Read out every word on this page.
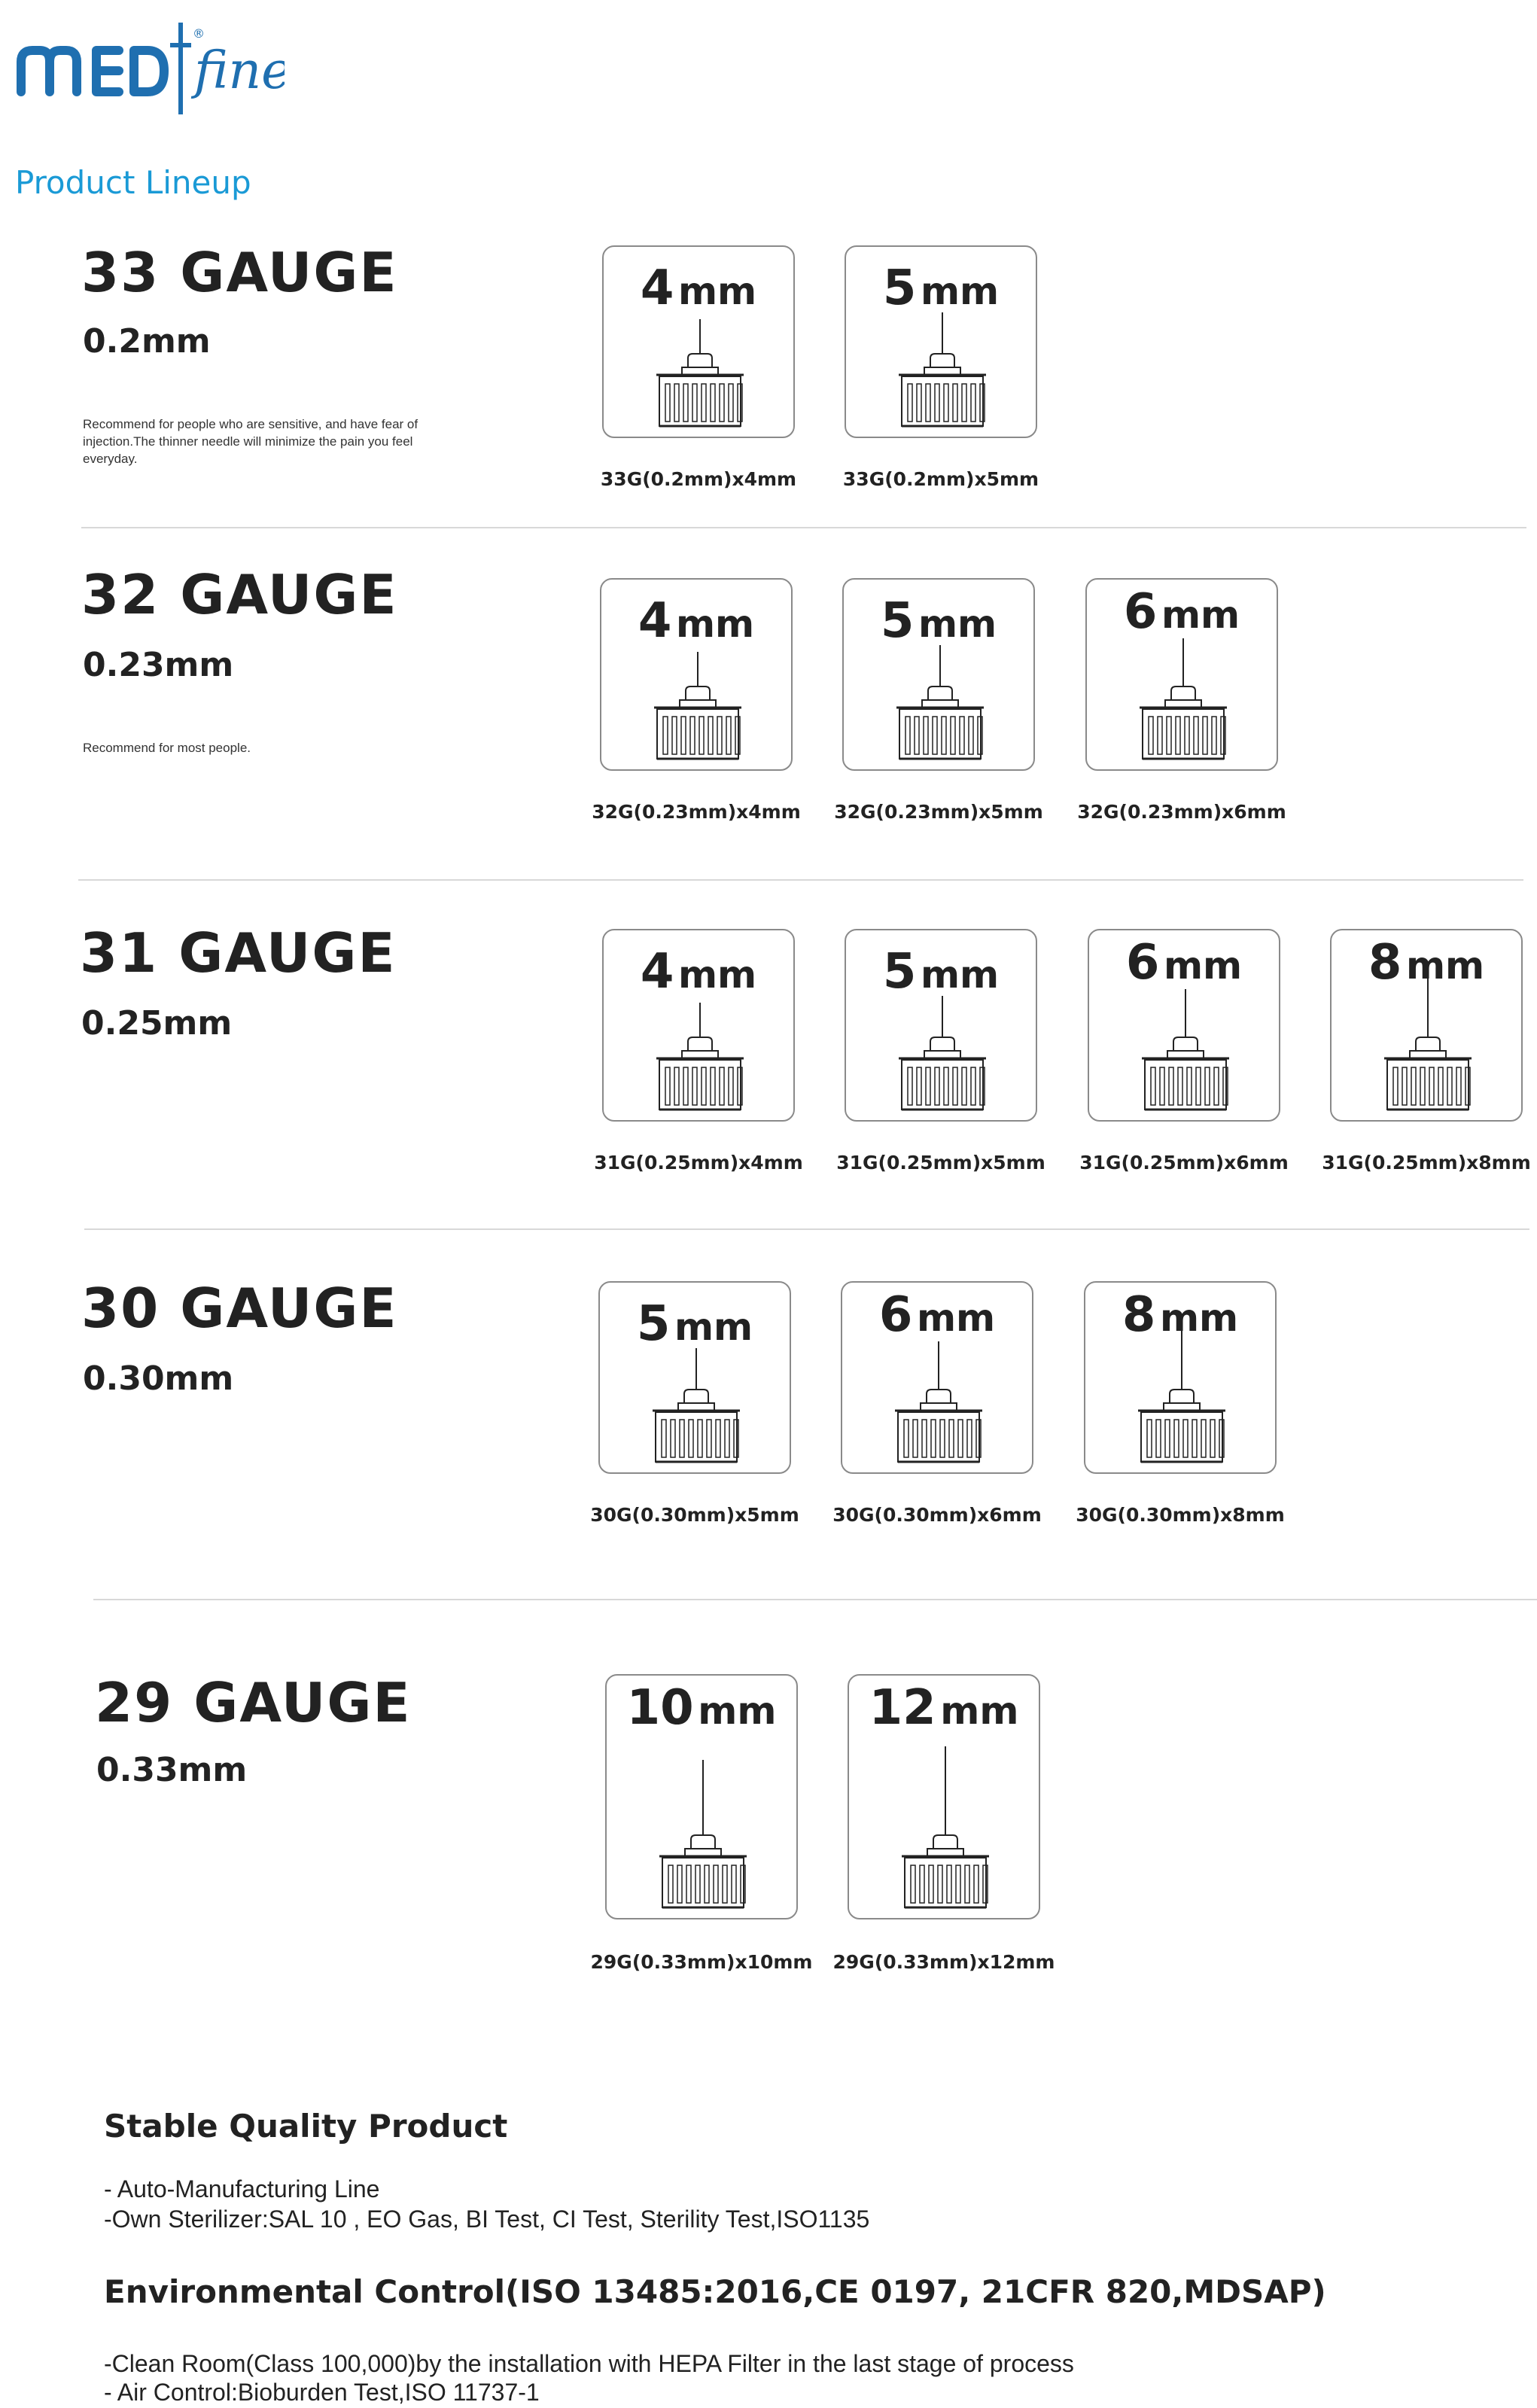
®
fine
Product Lineup
33 GAUGE
0.2mm
Recommend for people who are sensitive, and have fear of injection.The thinner needle will minimize the pain you feel everyday.
4 mm
33G(0.2mm)x4mm
5 mm
33G(0.2mm)x5mm
32 GAUGE
0.23mm
Recommend for most people.
4 mm
32G(0.23mm)x4mm
5 mm
32G(0.23mm)x5mm
6 mm
32G(0.23mm)x6mm
31 GAUGE
0.25mm
4 mm
31G(0.25mm)x4mm
5 mm
31G(0.25mm)x5mm
6 mm
31G(0.25mm)x6mm
8 mm
31G(0.25mm)x8mm
30 GAUGE
0.30mm
5 mm
30G(0.30mm)x5mm
6 mm
30G(0.30mm)x6mm
8 mm
30G(0.30mm)x8mm
29 GAUGE
0.33mm
10 mm
29G(0.33mm)x10mm
12 mm
29G(0.33mm)x12mm
Stable Quality Product
- Auto-Manufacturing Line
-Own Sterilizer:SAL 10 , EO Gas, BI Test, CI Test, Sterility Test,ISO1135
Environmental Control(ISO 13485:2016,CE 0197, 21CFR 820,MDSAP)
-Clean Room(Class 100,000)by the installation with HEPA Filter in the last stage of process
- Air Control:Bioburden Test,ISO 11737-1
